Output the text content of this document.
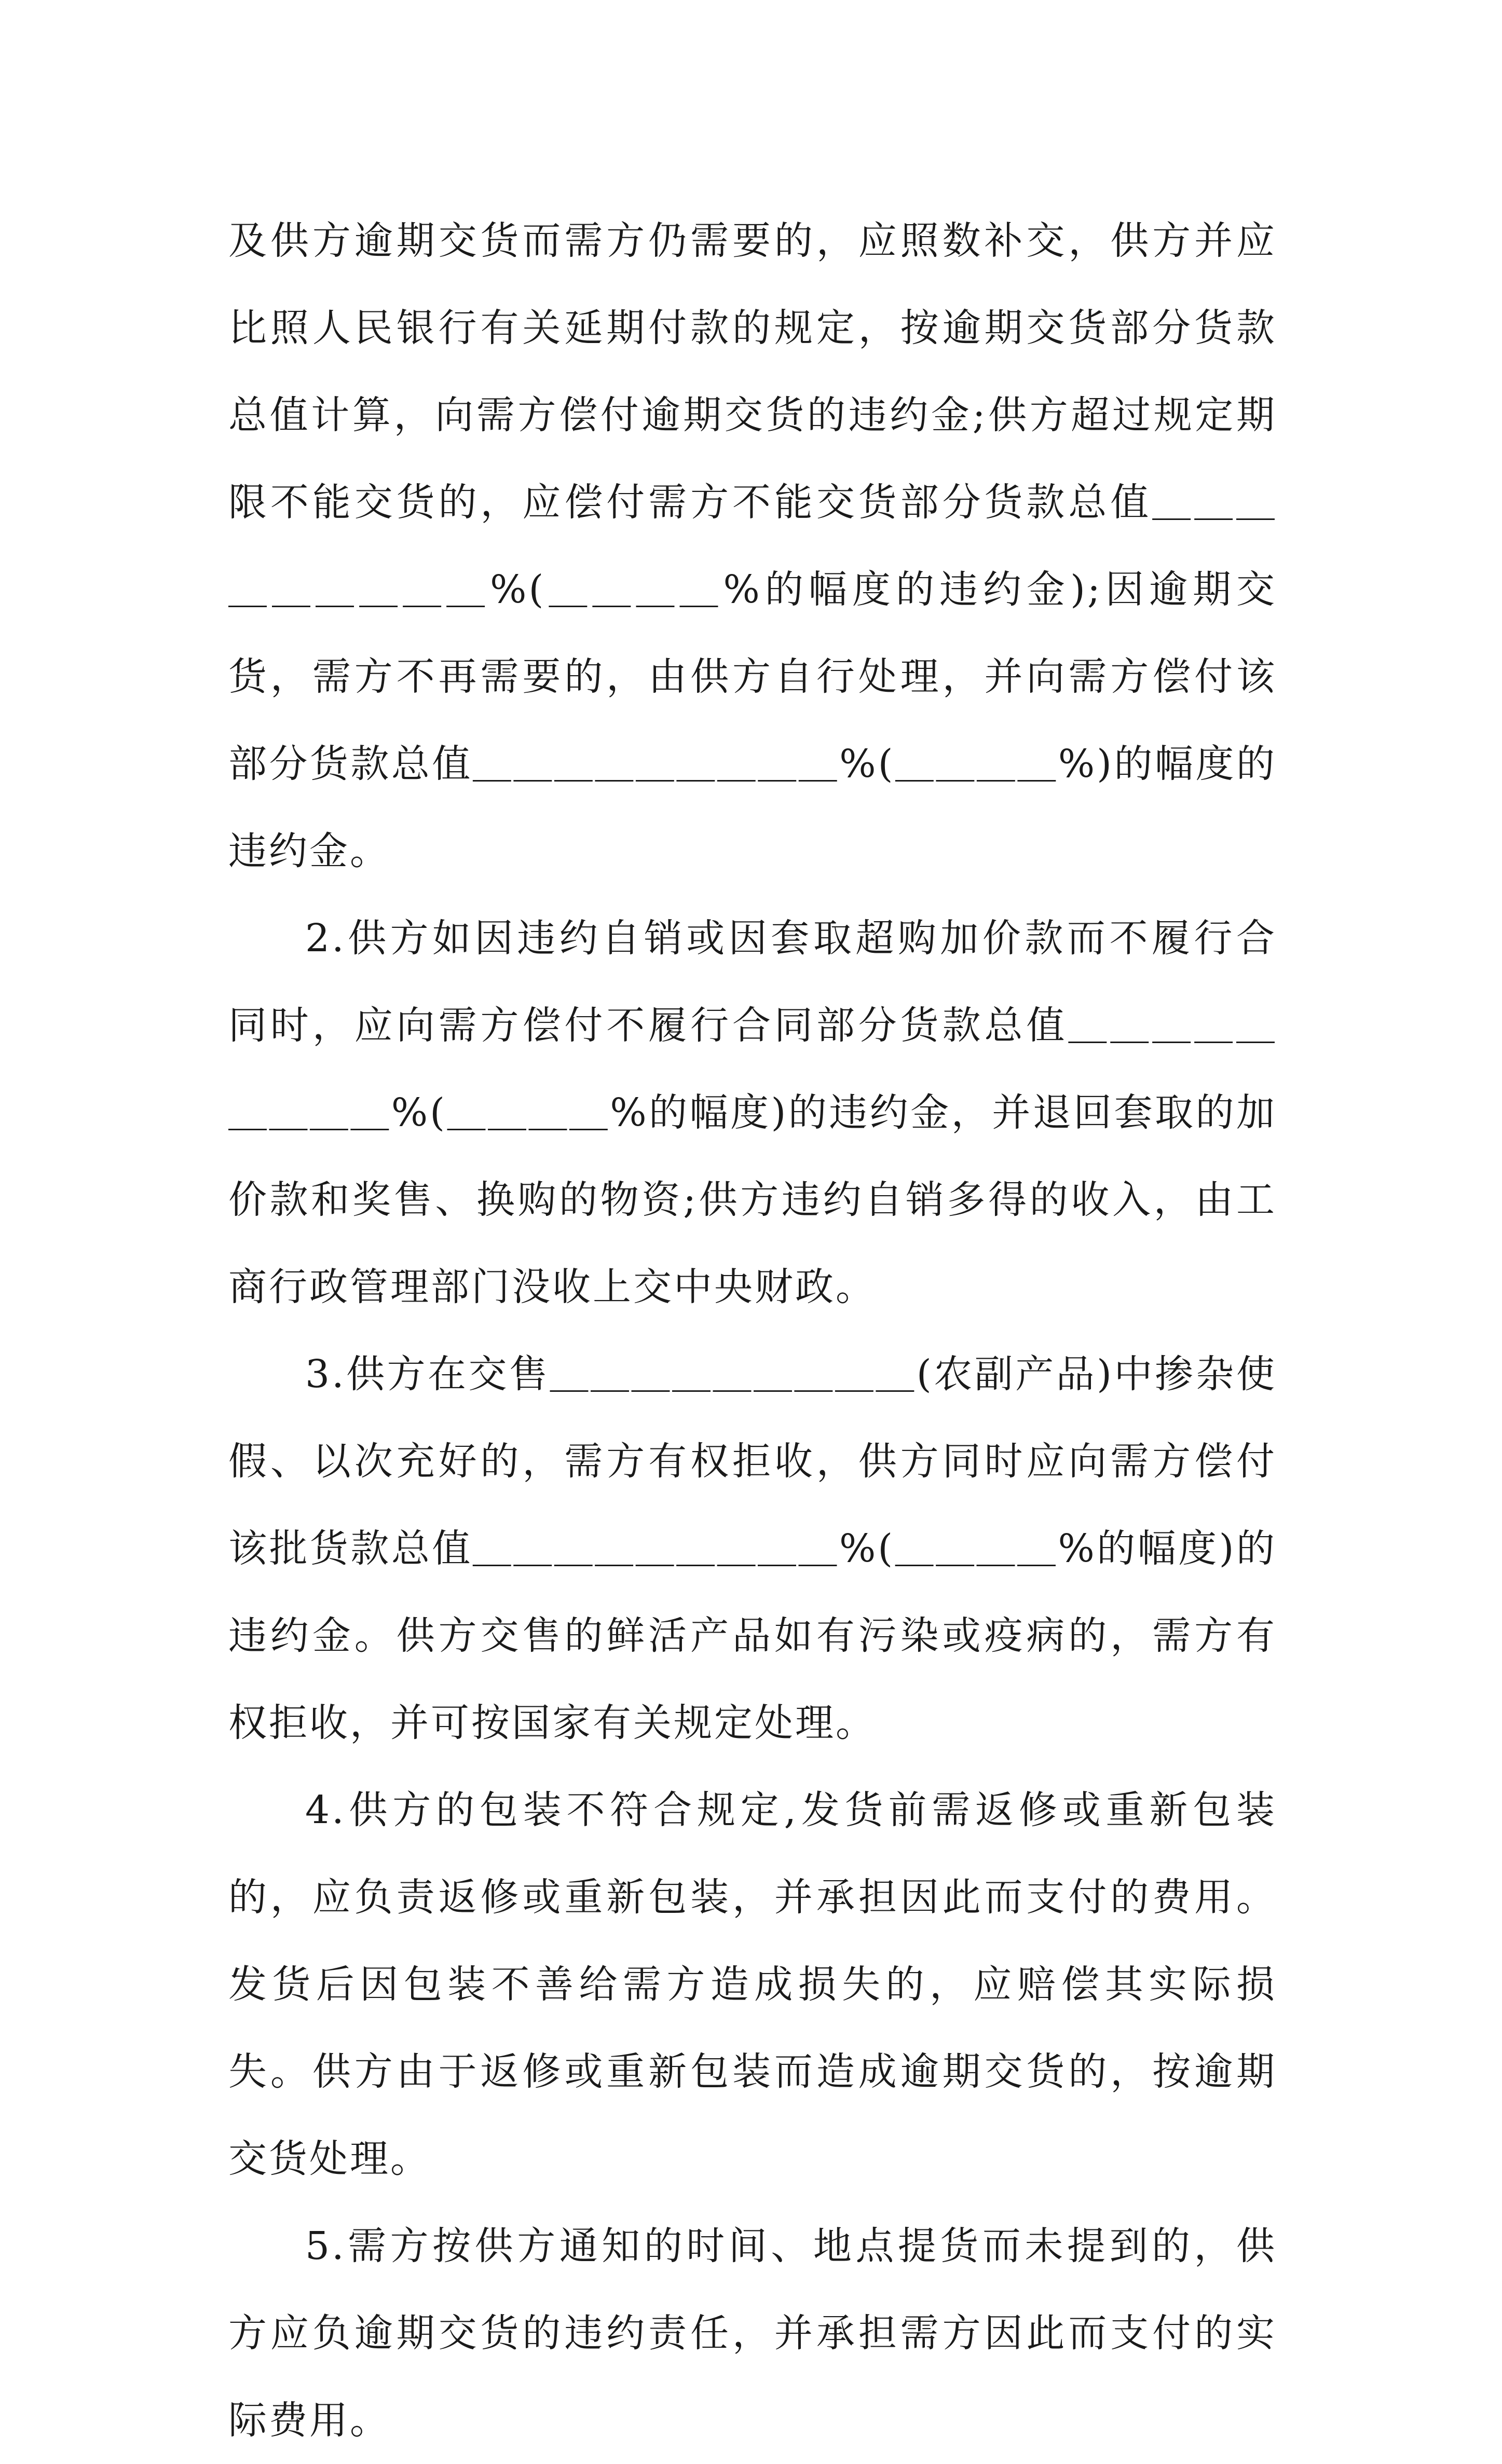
及供方逾期交货而需方仍需要的，应照数补交，供方并应比照人民银行有关延期付款的规定，按逾期交货部分货款总值计算，向需方偿付逾期交货的违约金;供方超过规定期限不能交货的，应偿付需方不能交货部分货款总值＿＿＿＿＿＿＿＿＿%(＿＿＿＿%的幅度的违约金);因逾期交货，需方不再需要的，由供方自行处理，并向需方偿付该部分货款总值＿＿＿＿＿＿＿＿＿%(＿＿＿＿%)的幅度的违约金。

2.供方如因违约自销或因套取超购加价款而不履行合同时，应向需方偿付不履行合同部分货款总值＿＿＿＿＿＿＿＿＿%(＿＿＿＿%的幅度)的违约金，并退回套取的加价款和奖售、换购的物资;供方违约自销多得的收入，由工商行政管理部门没收上交中央财政。

3.供方在交售＿＿＿＿＿＿＿＿＿(农副产品)中掺杂使假、以次充好的，需方有权拒收，供方同时应向需方偿付该批货款总值＿＿＿＿＿＿＿＿＿%(＿＿＿＿%的幅度)的违约金。供方交售的鲜活产品如有污染或疫病的，需方有权拒收，并可按国家有关规定处理。

4.供方的包装不符合规定,发货前需返修或重新包装的，应负责返修或重新包装，并承担因此而支付的费用。发货后因包装不善给需方造成损失的，应赔偿其实际损失。供方由于返修或重新包装而造成逾期交货的，按逾期交货处理。

5.需方按供方通知的时间、地点提货而未提到的，供方应负逾期交货的违约责任，并承担需方因此而支付的实际费用。
